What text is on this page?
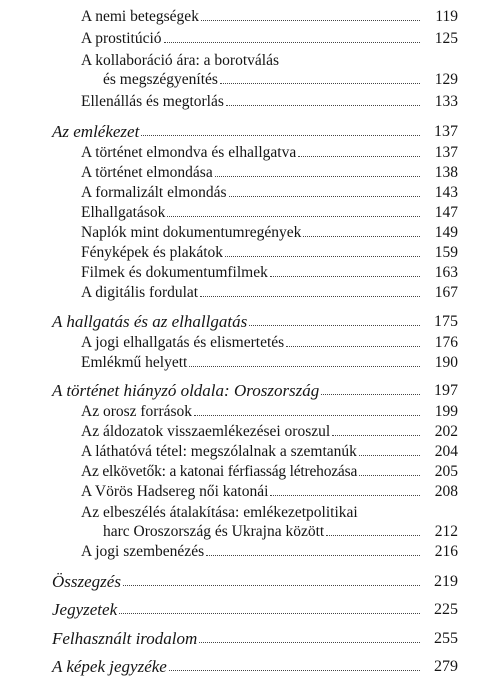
A nemi betegségek	119
A prostitúció	125
A kollaboráció ára: a borotválás
és megszégyenítés	129
Ellenállás és megtorlás	133
Az emlékezet	137
A történet elmondva és elhallgatva	137
A történet elmondása	138
A formalizált elmondás	143
Elhallgatások	147
Naplók mint dokumentumregények	149
Fényképek és plakátok	159
Filmek és dokumentumfilmek	163
A digitális fordulat	167
A hallgatás és az elhallgatás	175
A jogi elhallgatás és elismertetés	176
Emlékmű helyett	190
A történet hiányzó oldala: Oroszország	197
Az orosz források	199
Az áldozatok visszaemlékezései oroszul	202
A láthatóvá tétel: megszólalnak a szemtanúk	204
Az elkövetők: a katonai férfiasság létrehozása	205
A Vörös Hadsereg női katonái	208
Az elbeszélés átalakítása: emlékezetpolitikai
harc Oroszország és Ukrajna között	212
A jogi szembenézés	216
Összegzés	219
Jegyzetek	225
Felhasznált irodalom	255
A képek jegyzéke	279
